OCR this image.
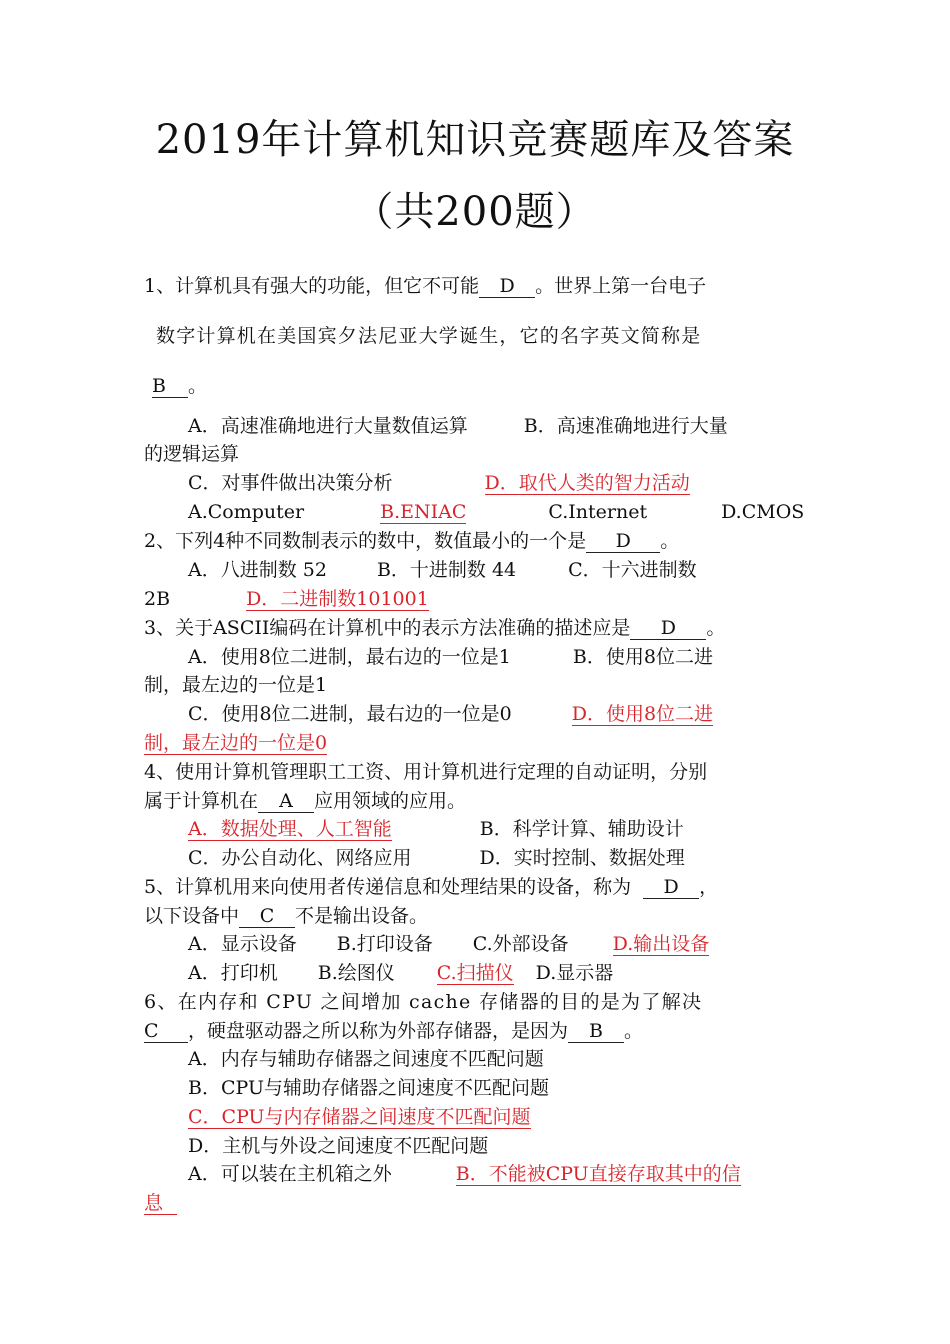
2019年计算机知识竞赛题库及答案
（共200题）
1、计算机具有强大的功能，但它不可能 D 。世界上第一台电子
数字计算机在美国宾夕法尼亚大学诞生，它的名字英文简称是
B 。
A．高速准确地进行大量数值运算	B．高速准确地进行大量
的逻辑运算
C．对事件做出决策分析	D．取代人类的智力活动
A.Computer	B.ENIAC	C.Internet	D.CMOS
2、下列4种不同数制表示的数中，数值最小的一个是 D 。
A．八进制数 52	B．十进制数 44	C．十六进制数
2B	D．二进制数101001
3、关于ASCII编码在计算机中的表示方法准确的描述应是 D 。
A．使用8位二进制，最右边的一位是1	B．使用8位二进
制，最左边的一位是1
C．使用8位二进制，最右边的一位是0	D．使用8位二进
制，最左边的一位是0
4、使用计算机管理职工工资、用计算机进行定理的自动证明，分别
属于计算机在 A 应用领域的应用。
A．数据处理、人工智能	B．科学计算、辅助设计
C．办公自动化、网络应用	D．实时控制、数据处理
5、计算机用来向使用者传递信息和处理结果的设备，称为 D ，
以下设备中 C 不是输出设备。
A．显示设备 B.打印设备 C.外部设备 D.输出设备
A．打印机 B.绘图仪 C.扫描仪 D.显示器
6、在内存和 CPU 之间增加 cache 存储器的目的是为了解决
C ，硬盘驱动器之所以称为外部存储器，是因为 B 。
A．内存与辅助存储器之间速度不匹配问题
B．CPU与辅助存储器之间速度不匹配问题
C．CPU与内存储器之间速度不匹配问题
D．主机与外设之间速度不匹配问题
A．可以装在主机箱之外	B．不能被CPU直接存取其中的信
息
